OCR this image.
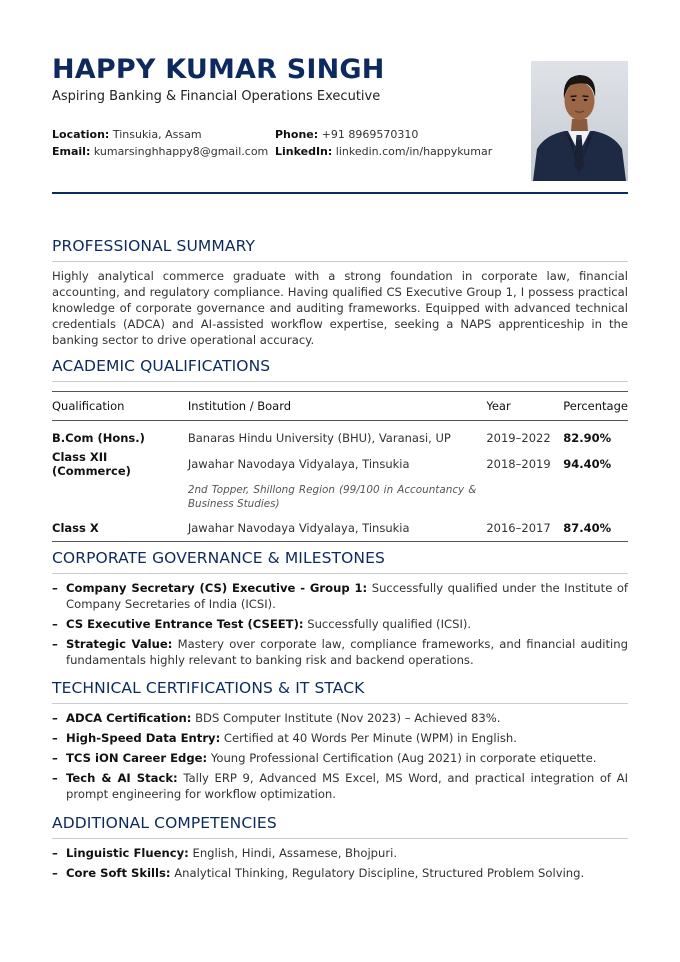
HAPPY KUMAR SINGH
Aspiring Banking & Financial Operations Executive
Location: Tinsukia, Assam
Email: kumarsinghhappy8@gmail.com
Phone: +91 8969570310
LinkedIn: linkedin.com/in/happykumar
PROFESSIONAL SUMMARY
Highly analytical commerce graduate with a strong foundation in corporate law, financial accounting, and regulatory compliance. Having qualified CS Executive Group 1, I possess practical knowledge of corporate governance and auditing frameworks. Equipped with advanced technical credentials (ADCA) and AI-assisted workflow expertise, seeking a NAPS apprenticeship in the banking sector to drive operational accuracy.
ACADEMIC QUALIFICATIONS
Qualification	Institution / Board	Year	Percentage
B.Com (Hons.)	Banaras Hindu University (BHU), Varanasi, UP	2019–2022	82.90%
Class XII (Commerce)	Jawahar Navodaya Vidyalaya, Tinsukia	2018–2019	94.40%
	2nd Topper, Shillong Region (99/100 in Accountancy & Business Studies)		
Class X	Jawahar Navodaya Vidyalaya, Tinsukia	2016–2017	87.40%
CORPORATE GOVERNANCE & MILESTONES
– Company Secretary (CS) Executive - Group 1: Successfully qualified under the Institute of Company Secretaries of India (ICSI).
– CS Executive Entrance Test (CSEET): Successfully qualified (ICSI).
– Strategic Value: Mastery over corporate law, compliance frameworks, and financial auditing fundamentals highly relevant to banking risk and backend operations.
TECHNICAL CERTIFICATIONS & IT STACK
– ADCA Certification: BDS Computer Institute (Nov 2023) – Achieved 83%.
– High-Speed Data Entry: Certified at 40 Words Per Minute (WPM) in English.
– TCS iON Career Edge: Young Professional Certification (Aug 2021) in corporate etiquette.
– Tech & AI Stack: Tally ERP 9, Advanced MS Excel, MS Word, and practical integration of AI prompt engineering for workflow optimization.
ADDITIONAL COMPETENCIES
– Linguistic Fluency: English, Hindi, Assamese, Bhojpuri.
– Core Soft Skills: Analytical Thinking, Regulatory Discipline, Structured Problem Solving.
